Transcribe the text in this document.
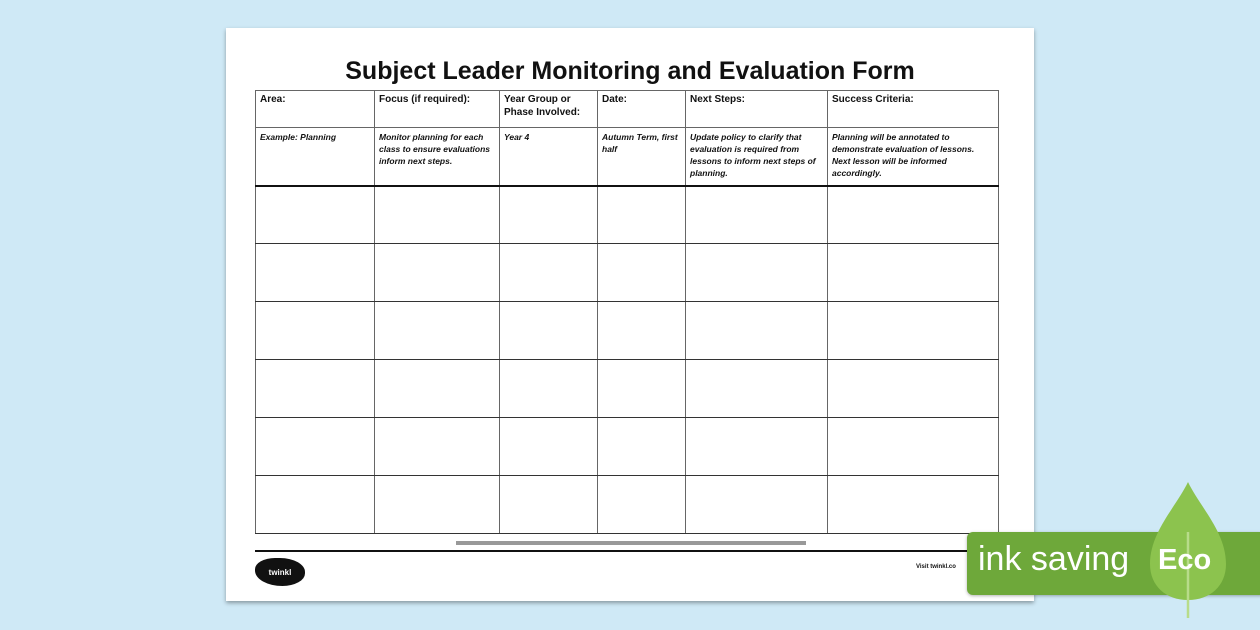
Subject Leader Monitoring and Evaluation Form
Area:	Focus (if required):	Year Group or Phase Involved:	Date:	Next Steps:	Success Criteria:
Example: Planning	Monitor planning for each class to ensure evaluations inform next steps.	Year 4	Autumn Term, first half	Update policy to clarify that evaluation is required from lessons to inform next steps of planning.	Planning will be annotated to demonstrate evaluation of lessons. Next lesson will be informed accordingly.

twinkl
Visit twinkl.co ink saving Eco
